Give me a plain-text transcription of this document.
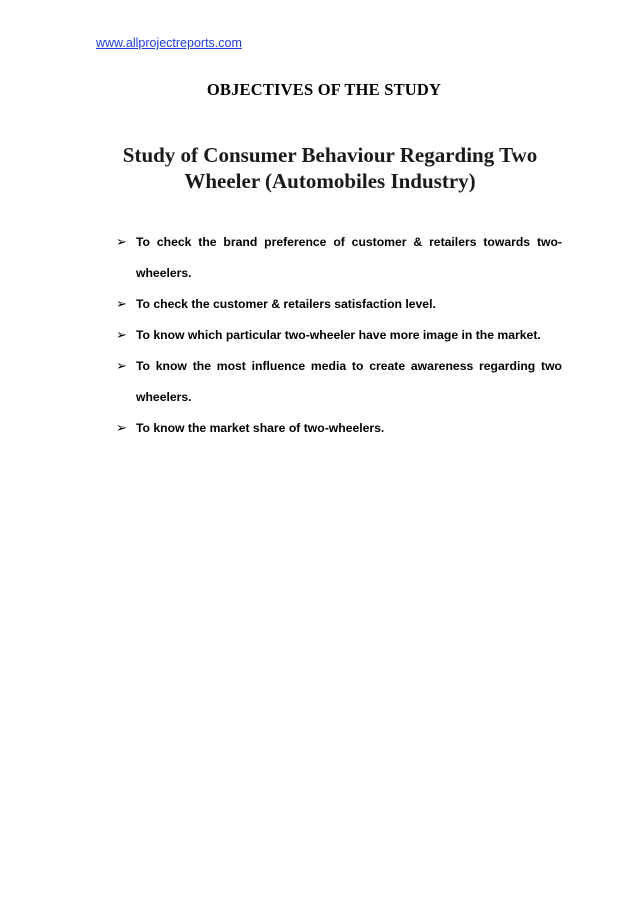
www.allprojectreports.com
OBJECTIVES OF THE STUDY
Study of Consumer Behaviour Regarding Two Wheeler (Automobiles Industry)
➢ To check the brand preference of customer & retailers towards two-wheelers.
➢ To check the customer & retailers satisfaction level.
➢ To know which particular two-wheeler have more image in the market.
➢ To know the most influence media to create awareness regarding two wheelers.
➢ To know the market share of two-wheelers.
